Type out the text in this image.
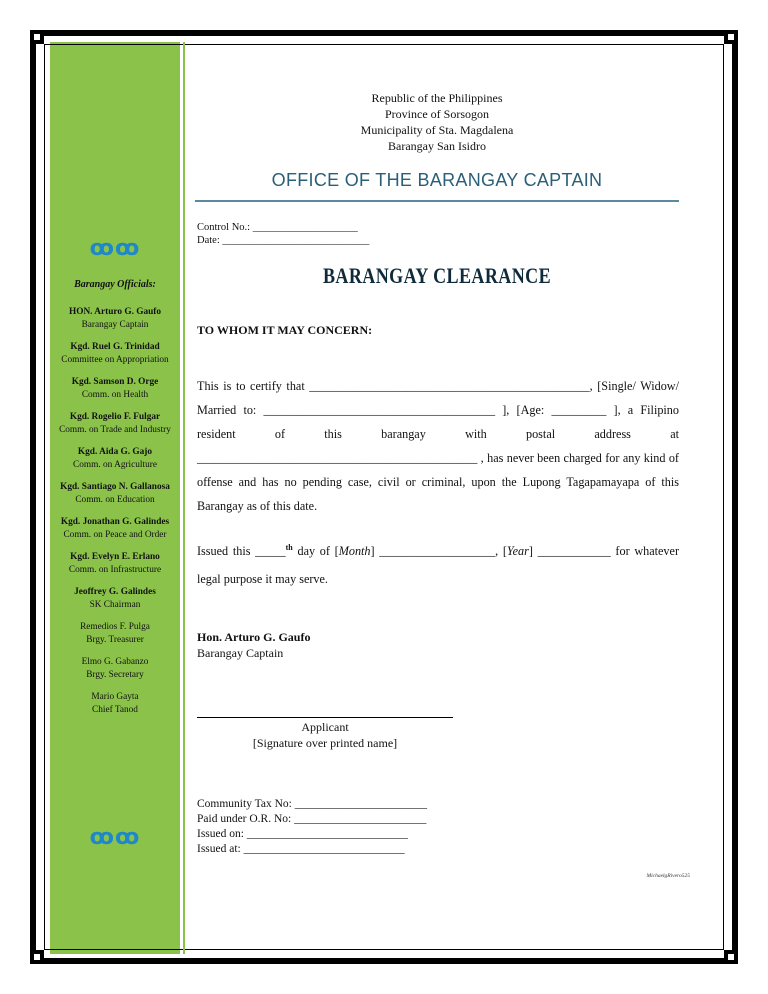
ꝏꝏ
Barangay Officials:
HON. Arturo G. Gaufo
Barangay Captain
Kgd. Ruel G. Trinidad
Committee on Appropriation
Kgd. Samson D. Orge
Comm. on Health
Kgd. Rogelio F. Fulgar
Comm. on Trade and Industry
Kgd. Aida G. Gajo
Comm. on Agriculture
Kgd. Santiago N. Gallanosa
Comm. on Education
Kgd. Jonathan G. Galindes
Comm. on Peace and Order
Kgd. Evelyn E. Erlano
Comm. on Infrastructure
Jeoffrey G. Galindes
SK Chairman
Remedios F. Pulga
Brgy. Treasurer
Elmo G. Gabanzo
Brgy. Secretary
Mario Gayta
Chief Tanod
ꝏꝏ
Republic of the Philippines
Province of Sorsogon
Municipality of Sta. Magdalena
Barangay San Isidro
OFFICE OF THE BARANGAY CAPTAIN
Control No.: ____________________
Date: ____________________________
BARANGAY CLEARANCE
TO WHOM IT MAY CONCERN:
This is to certify that ______________________________________________, [Single/ Widow/ Married to: ______________________________________ ], [Age: _________ ], a Filipino resident of this barangay with postal address at ______________________________________________ , has never been charged for any kind of offense and has no pending case, civil or criminal, upon the Lupong Tagapamayapa of this Barangay as of this date.
Issued this _____$^{th}$ day of [Month] ___________________, [Year] ____________ for whatever legal purpose it may serve.
Hon. Arturo G. Gaufo
Barangay Captain
Applicant
[Signature over printed name]
Community Tax No: _______________________
Paid under O.R. No: _______________________
Issued on: ____________________________
Issued at: ____________________________
MichaelgRivero525
